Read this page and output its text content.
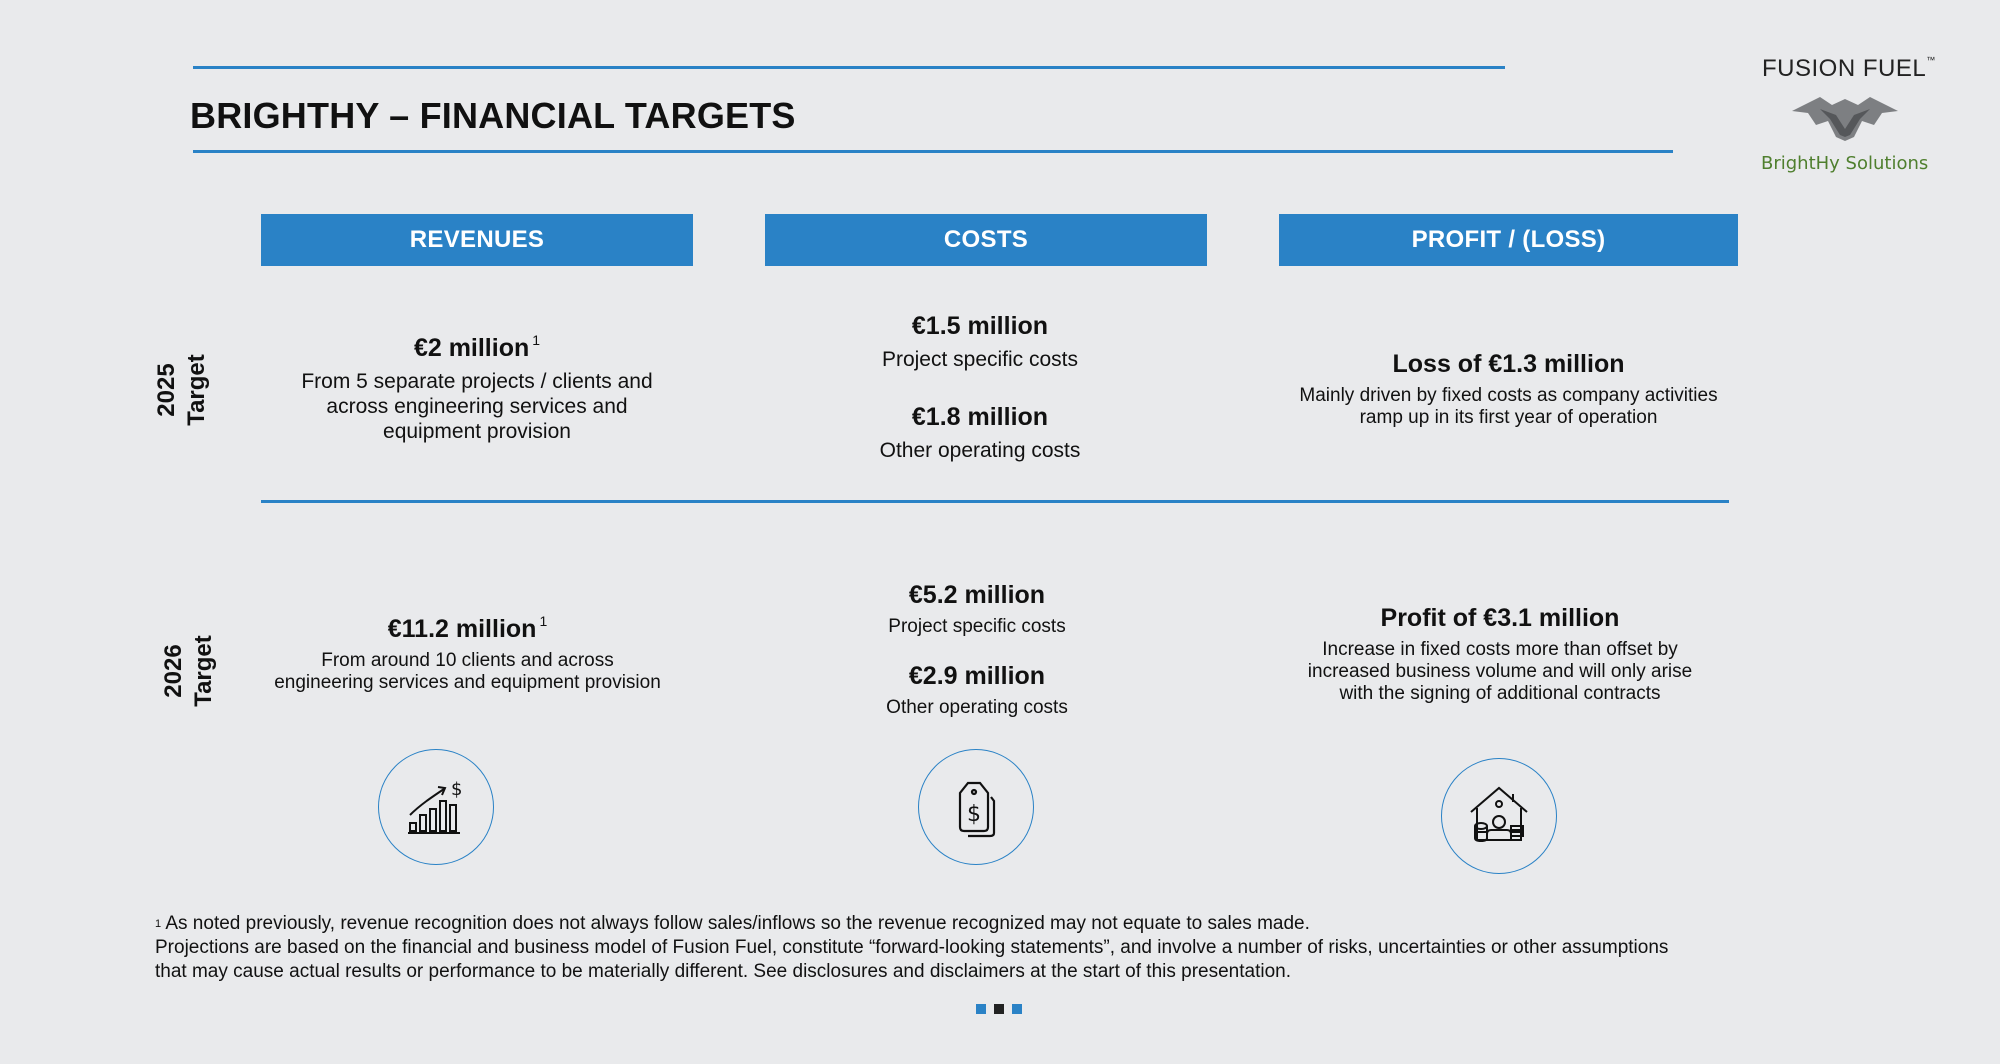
BRIGHTHY – FINANCIAL TARGETS
FUSION FUEL™
BrightHy Solutions
REVENUES	COSTS	PROFIT / (LOSS)
2025 Target
2026 Target
€2 million $^1$
From 5 separate projects / clients and
across engineering services and
equipment provision
€1.5 million
Project specific costs
€1.8 million
Other operating costs
Loss of €1.3 million
Mainly driven by fixed costs as company activities
ramp up in its first year of operation
€11.2 million $^1$
From around 10 clients and across
engineering services and equipment provision
€5.2 million
Project specific costs
€2.9 million
Other operating costs
Profit of €3.1 million
Increase in fixed costs more than offset by
increased business volume and will only arise
with the signing of additional contracts
$
$
$^1$ As noted previously, revenue recognition does not always follow sales/inflows so the revenue recognized may not equate to sales made.
Projections are based on the financial and business model of Fusion Fuel, constitute “forward-looking statements”, and involve a number of risks, uncertainties or other assumptions
that may cause actual results or performance to be materially different. See disclosures and disclaimers at the start of this presentation.
